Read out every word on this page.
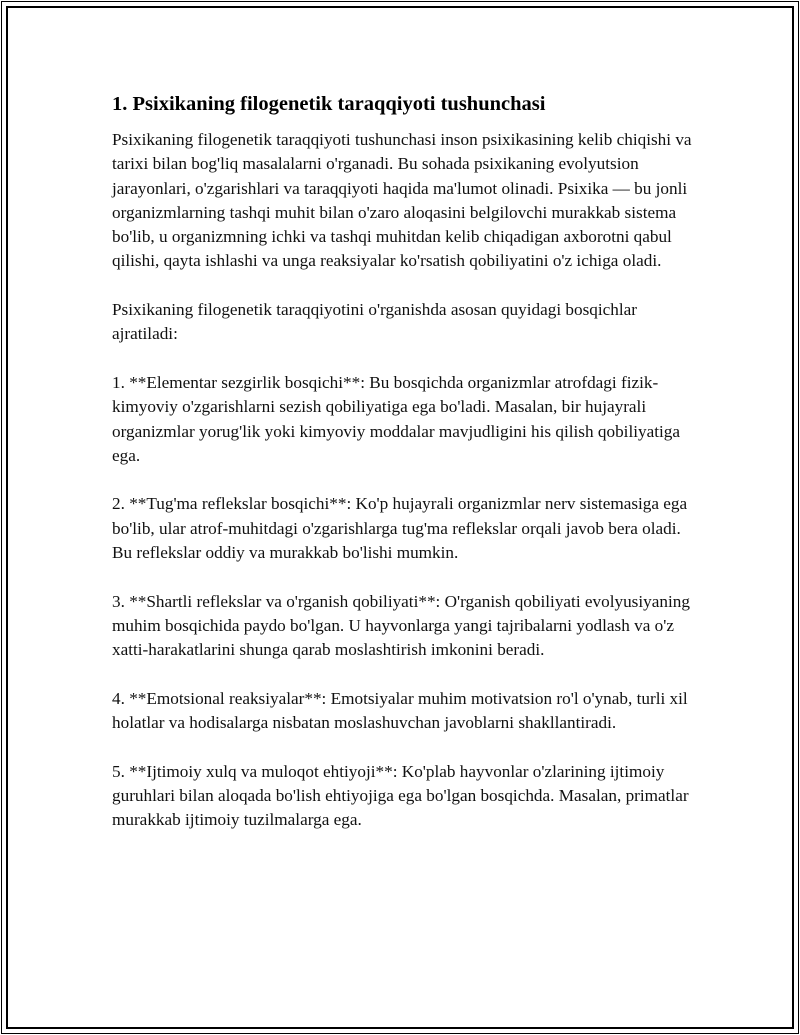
1. Psixikaning filogenetik taraqqiyoti tushunchasi

Psixikaning filogenetik taraqqiyoti tushunchasi inson psixikasining kelib chiqishi va tarixi bilan bog'liq masalalarni o'rganadi. Bu sohada psixikaning evolyutsion jarayonlari, o'zgarishlari va taraqqiyoti haqida ma'lumot olinadi. Psixika — bu jonli organizmlarning tashqi muhit bilan o'zaro aloqasini belgilovchi murakkab sistema bo'lib, u organizmning ichki va tashqi muhitdan kelib chiqadigan axborotni qabul qilishi, qayta ishlashi va unga reaksiyalar ko'rsatish qobiliyatini o'z ichiga oladi.

Psixikaning filogenetik taraqqiyotini o'rganishda asosan quyidagi bosqichlar ajratiladi:

1. **Elementar sezgirlik bosqichi**: Bu bosqichda organizmlar atrofdagi fizik-kimyoviy o'zgarishlarni sezish qobiliyatiga ega bo'ladi. Masalan, bir hujayrali organizmlar yorug'lik yoki kimyoviy moddalar mavjudligini his qilish qobiliyatiga ega.

2. **Tug'ma reflekslar bosqichi**: Ko'p hujayrali organizmlar nerv sistemasiga ega bo'lib, ular atrof-muhitdagi o'zgarishlarga tug'ma reflekslar orqali javob bera oladi. Bu reflekslar oddiy va murakkab bo'lishi mumkin.

3. **Shartli reflekslar va o'rganish qobiliyati**: O'rganish qobiliyati evolyusiyaning muhim bosqichida paydo bo'lgan. U hayvonlarga yangi tajribalarni yodlash va o'z xatti-harakatlarini shunga qarab moslashtirish imkonini beradi.

4. **Emotsional reaksiyalar**: Emotsiyalar muhim motivatsion ro'l o'ynab, turli xil holatlar va hodisalarga nisbatan moslashuvchan javoblarni shakllantiradi.

5. **Ijtimoiy xulq va muloqot ehtiyoji**: Ko'plab hayvonlar o'zlarining ijtimoiy guruhlari bilan aloqada bo'lish ehtiyojiga ega bo'lgan bosqichda. Masalan, primatlar murakkab ijtimoiy tuzilmalarga ega.
